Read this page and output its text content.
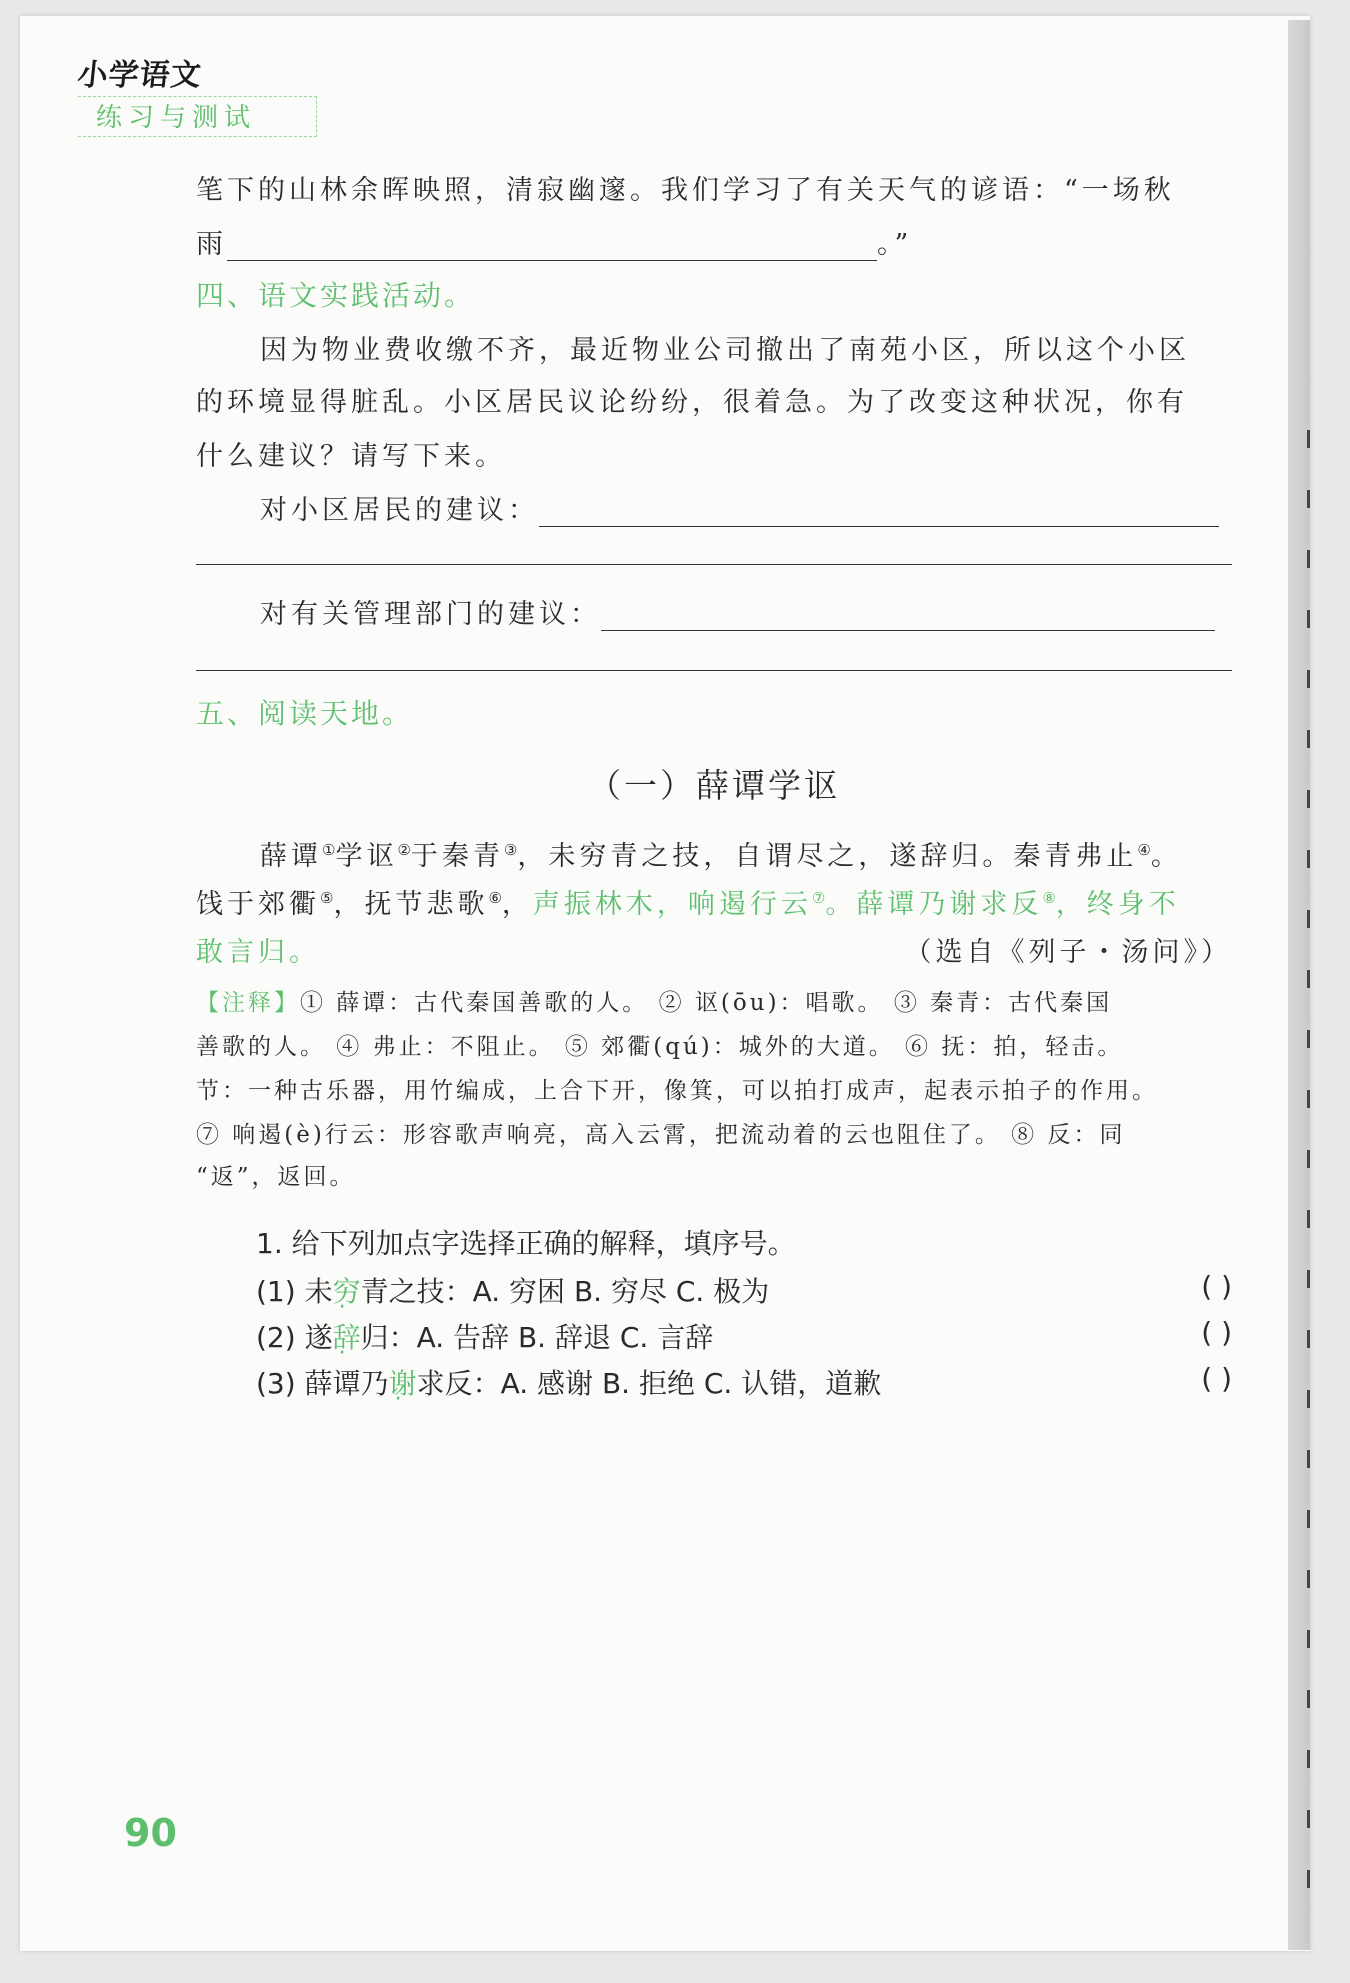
小学语文
练习与测试
笔下的山林余晖映照，清寂幽邃。我们学习了有关天气的谚语：“一场秋
雨	。”
四、语文实践活动。
因为物业费收缴不齐，最近物业公司撤出了南苑小区，所以这个小区
的环境显得脏乱。小区居民议论纷纷，很着急。为了改变这种状况，你有
什么建议？请写下来。
对小区居民的建议：
对有关管理部门的建议：
五、阅读天地。
（一）薛谭学讴
薛谭①学讴②于秦青③，未穷青之技，自谓尽之，遂辞归。秦青弗止④。
饯于郊衢⑤，抚节悲歌⑥，声振林木，响遏行云⑦。薛谭乃谢求反⑧，终身不
敢言归。	（选自《列子・汤问》）
【注释】① 薛谭：古代秦国善歌的人。 ② 讴(ōu)：唱歌。 ③ 秦青：古代秦国
善歌的人。 ④ 弗止：不阻止。 ⑤ 郊衢(qú)：城外的大道。 ⑥ 抚：拍，轻击。
节：一种古乐器，用竹编成，上合下开，像箕，可以拍打成声，起表示拍子的作用。
⑦ 响遏(è)行云：形容歌声响亮，高入云霄，把流动着的云也阻住了。 ⑧ 反：同
“返”，返回。
1. 给下列加点字选择正确的解释，填序号。
(1) 未穷青之技：A. 穷困 B. 穷尽 C. 极为	( )
(2) 遂辞归：A. 告辞 B. 辞退 C. 言辞	( )
(3) 薛谭乃谢求反：A. 感谢 B. 拒绝 C. 认错，道歉	( )
90
